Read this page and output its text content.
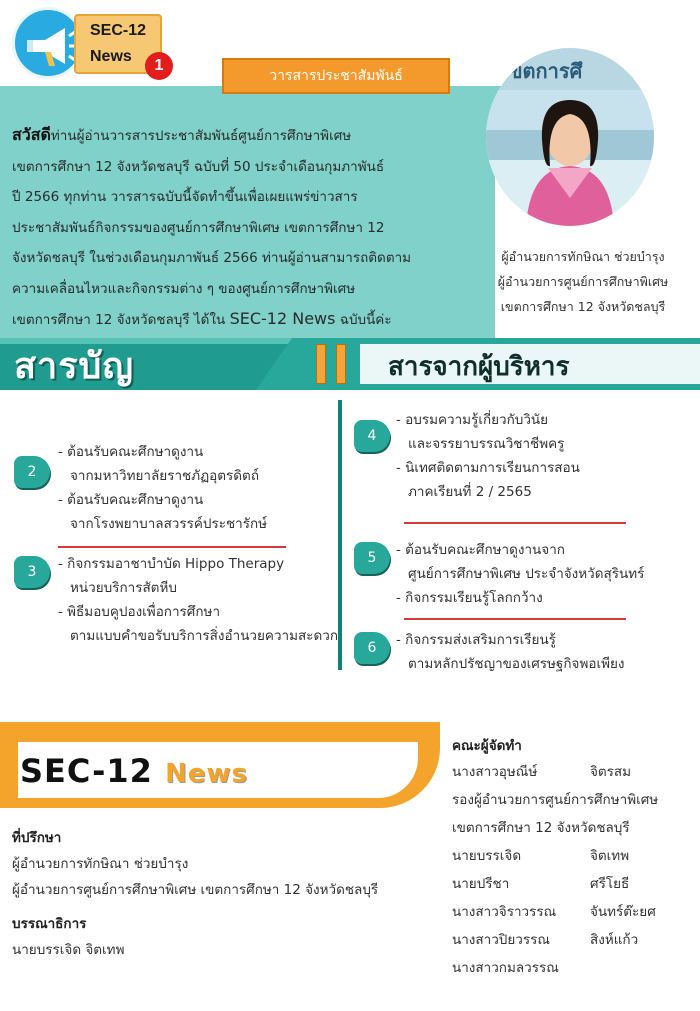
SEC-12
News
1
วารสารประชาสัมพันธ์
สวัสดีท่านผู้อ่านวารสารประชาสัมพันธ์ศูนย์การศึกษาพิเศษ
เขตการศึกษา 12 จังหวัดชลบุรี ฉบับที่ 50 ประจำเดือนกุมภาพันธ์
ปี 2566 ทุกท่าน วารสารฉบับนี้จัดทำขึ้นเพื่อเผยแพร่ข่าวสาร
ประชาสัมพันธ์กิจกรรมของศูนย์การศึกษาพิเศษ เขตการศึกษา 12
จังหวัดชลบุรี ในช่วงเดือนกุมภาพันธ์ 2566 ท่านผู้อ่านสามารถติดตาม
ความเคลื่อนไหวและกิจกรรมต่าง ๆ ของศูนย์การศึกษาพิเศษ
เขตการศึกษา 12 จังหวัดชลบุรี ได้ใน SEC-12 News ฉบับนี้ค่ะ
เขตการศึ
ผู้อำนวยการทักษิณา ช่วยบำรุง
ผู้อำนวยการศูนย์การศึกษาพิเศษ
เขตการศึกษา 12 จังหวัดชลบุรี
สารบัญ	สารจากผู้บริหาร
2
- ต้อนรับคณะศึกษาดูงาน
จากมหาวิทยาลัยราชภัฏอุตรดิตถ์
- ต้อนรับคณะศึกษาดูงาน
จากโรงพยาบาลสวรรค์ประชารักษ์
3	- กิจกรรมอาชาบำบัด Hippo Therapy
หน่วยบริการสัตหีบ
- พิธีมอบคูปองเพื่อการศึกษา
ตามแบบคำขอรับบริการสิ่งอำนวยความสะดวก
4
- อบรมความรู้เกี่ยวกับวินัย
และจรรยาบรรณวิชาชีพครู
- นิเทศติดตามการเรียนการสอน
ภาคเรียนที่ 2 / 2565
5	- ต้อนรับคณะศึกษาดูงานจาก
ศูนย์การศึกษาพิเศษ ประจำจังหวัดสุรินทร์
- กิจกรรมเรียนรู้โลกกว้าง
6	- กิจกรรมส่งเสริมการเรียนรู้
ตามหลักปรัชญาของเศรษฐกิจพอเพียง
SEC-12 News
คณะผู้จัดทำ
นางสาวอุษณีษ์	จิตรสม
รองผู้อำนวยการศูนย์การศึกษาพิเศษ
เขตการศึกษา 12 จังหวัดชลบุรี
นายบรรเจิด	จิตเทพ
นายปรีชา	ศรีโยธี
นางสาวจิราวรรณ	จันทร์ต๊ะยศ
นางสาวปิยวรรณ	สิงห์แก้ว
นางสาวกมลวรรณ
ที่ปรึกษา
ผู้อำนวยการทักษิณา ช่วยบำรุง
ผู้อำนวยการศูนย์การศึกษาพิเศษ เขตการศึกษา 12 จังหวัดชลบุรี
บรรณาธิการ
นายบรรเจิด จิตเทพ
